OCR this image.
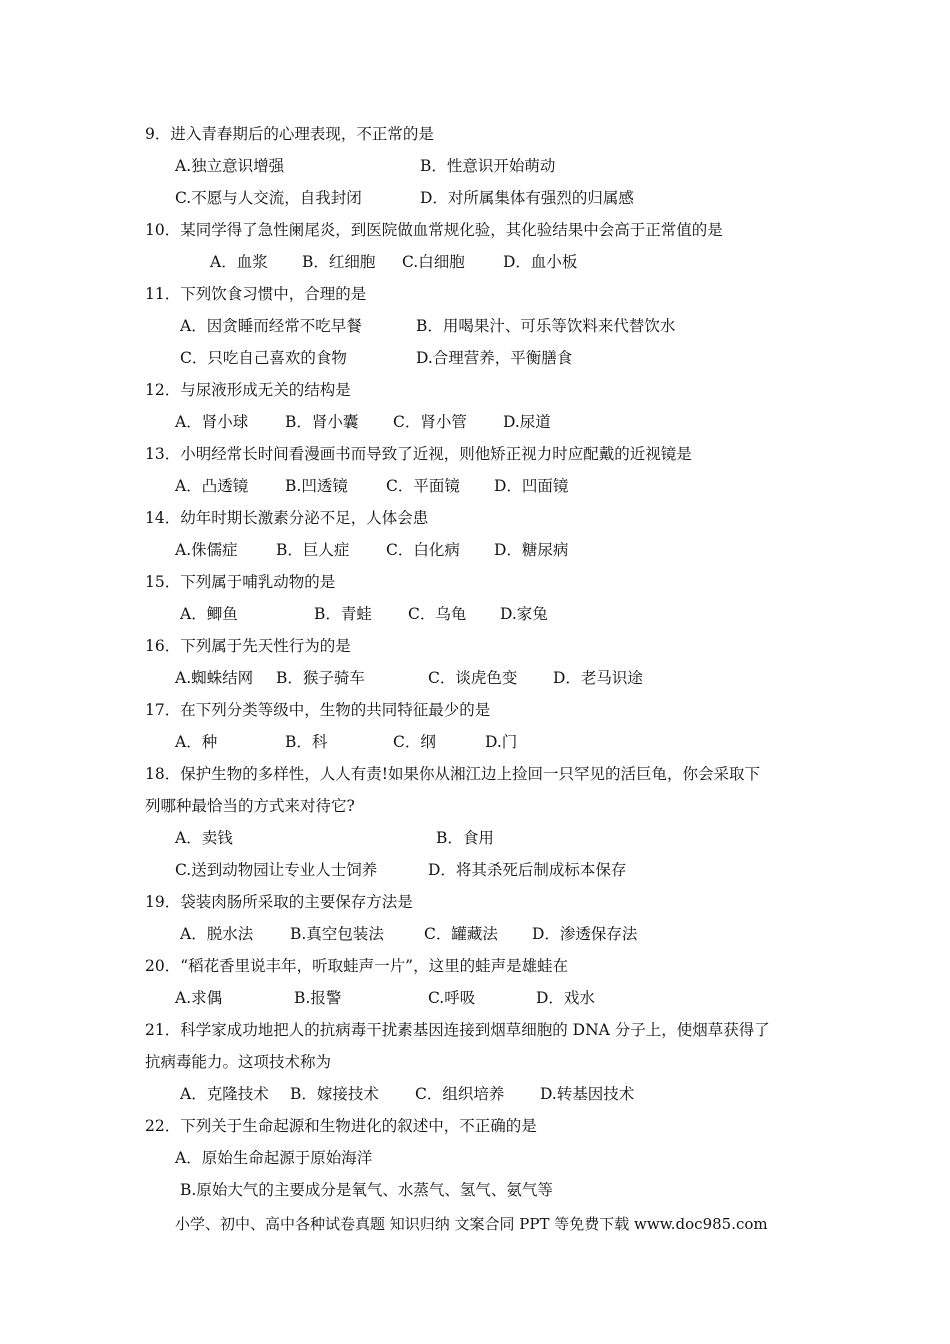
9．进入青春期后的心理表现，不正常的是
A.独立意识增强	B．性意识开始萌动
C.不愿与人交流，自我封闭	D．对所属集体有强烈的归属感
10．某同学得了急性阑尾炎，到医院做血常规化验，其化验结果中会高于正常值的是
A．血浆 B．红细胞 C.白细胞 D．血小板
11．下列饮食习惯中，合理的是
A．因贪睡而经常不吃早餐	B．用喝果汁、可乐等饮料来代替饮水
C．只吃自己喜欢的食物	D.合理营养，平衡膳食
12．与尿液形成无关的结构是
A．肾小球 B．肾小囊 C．肾小管 D.尿道
13．小明经常长时间看漫画书而导致了近视，则他矫正视力时应配戴的近视镜是
A．凸透镜 B.凹透镜 C．平面镜 D．凹面镜
14．幼年时期长激素分泌不足，人体会患
A.侏儒症 B．巨人症 C．白化病 D．糖尿病
15．下列属于哺乳动物的是
A．鲫鱼	B．青蛙 C．乌龟 D.家兔
16．下列属于先天性行为的是
A.蜘蛛结网 B．猴子骑车	C．谈虎色变 D．老马识途
17．在下列分类等级中，生物的共同特征最少的是
A．种	B．科	C．纲	D.门
18．保护生物的多样性，人人有责!如果你从湘江边上捡回一只罕见的活巨龟，你会采取下
列哪种最恰当的方式来对待它?
A．卖钱	B．食用
C.送到动物园让专业人士饲养	D．将其杀死后制成标本保存
19．袋装肉肠所采取的主要保存方法是
A．脱水法 B.真空包装法	C．罐藏法 D．渗透保存法
20．“稻花香里说丰年，听取蛙声一片”，这里的蛙声是雄蛙在
A.求偶	B.报警	C.呼吸	D．戏水
21．科学家成功地把人的抗病毒干扰素基因连接到烟草细胞的 DNA 分子上，使烟草获得了
抗病毒能力。这项技术称为
A．克隆技术 B．嫁接技术 C．组织培养 D.转基因技术
22．下列关于生命起源和生物进化的叙述中，不正确的是
A．原始生命起源于原始海洋
B.原始大气的主要成分是氧气、水蒸气、氢气、氨气等
小学、初中、高中各种试卷真题 知识归纳 文案合同 PPT 等免费下载 www.doc985.com
